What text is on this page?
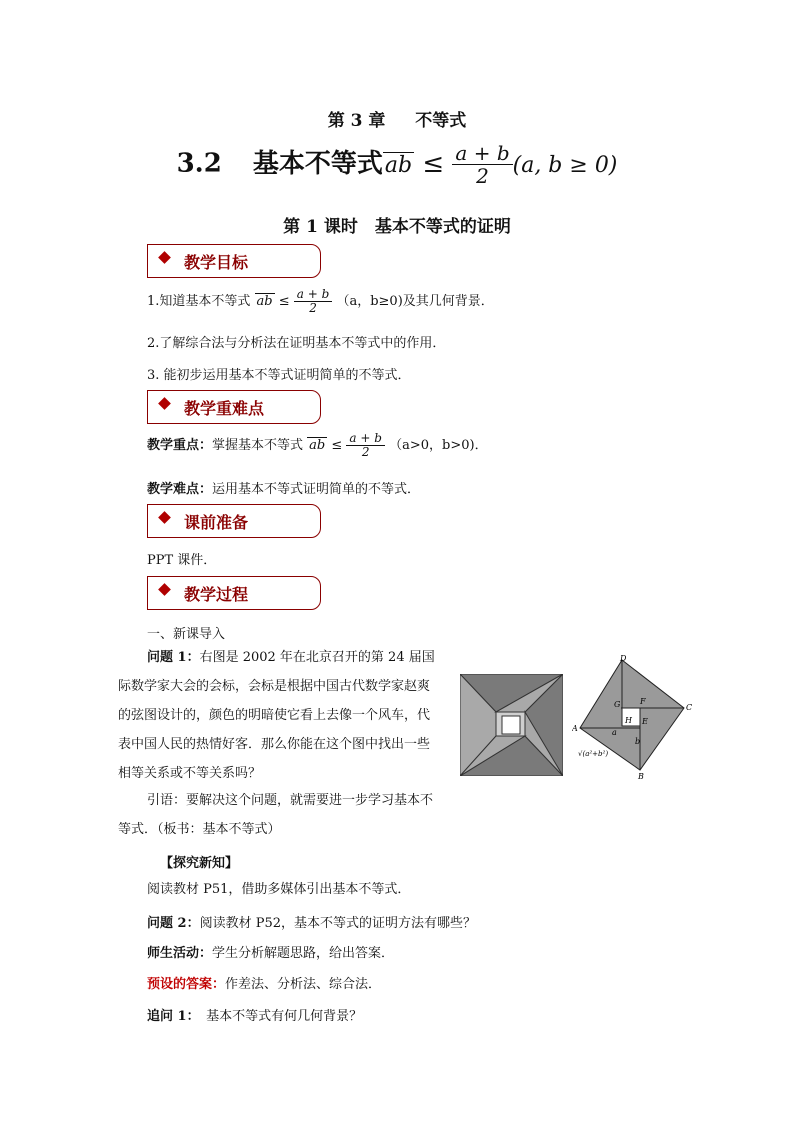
第 3 章 不等式
3.2 基本不等式ab ≤ $\frac{a + b}{2} (a$, b ≥ 0)
第 1 课时　基本不等式的证明
教学目标
1.知道基本不等式 ab ≤ $\frac{a + b}{2} (a$，b≥0)及其几何背景．
2.了解综合法与分析法在证明基本不等式中的作用．
3. 能初步运用基本不等式证明简单的不等式．
教学重难点
教学重点：掌握基本不等式 ab ≤ $\frac{a + b}{2} (a>0$，b>0)．
教学难点：运用基本不等式证明简单的不等式．
课前准备
PPT 课件．
教学过程
一、新课导入
问题 1：右图是 2002 年在北京召开的第 24 届国际数学家大会的会标，会标是根据中国古代数学家赵爽的弦图设计的，颜色的明暗使它看上去像一个风车，代表中国人民的热情好客．那么你能在这个图中找出一些相等关系或不等关系吗？
引语：要解决这个问题，就需要进一步学习基本不等式．（板书：基本不等式）
【探究新知】
阅读教材 P51，借助多媒体引出基本不等式．
问题 2：阅读教材 P52，基本不等式的证明方法有哪些？
师生活动：学生分析解题思路，给出答案．
预设的答案：作差法、分析法、综合法．
追问 1：　 基本不等式有何几何背景？
D
C
A
B
F
G
H E
a
b
√(a²+b²)
